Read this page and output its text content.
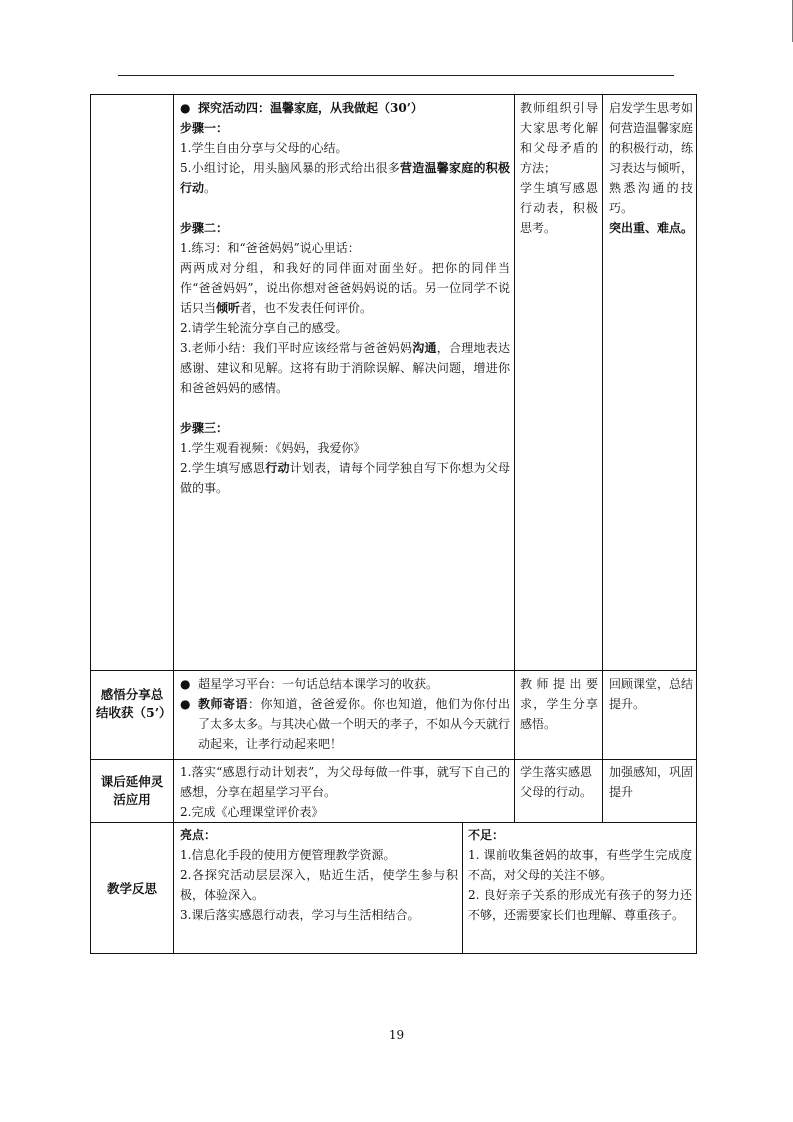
● 探究活动四：温馨家庭，从我做起（30’）

步骤一：

1.学生自由分享与父母的心结。

5.小组讨论，用头脑风暴的形式给出很多营造温馨家庭的积极行动。

步骤二：

1.练习：和“爸爸妈妈”说心里话：

两两成对分组，和我好的同伴面对面坐好。把你的同伴当作“爸爸妈妈”，说出你想对爸爸妈妈说的话。另一位同学不说话只当倾听者，也不发表任何评价。

2.请学生轮流分享自己的感受。

3.老师小结：我们平时应该经常与爸爸妈妈沟通，合理地表达感谢、建议和见解。这将有助于消除误解、解决问题，增进你和爸爸妈妈的感情。

步骤三：

1.学生观看视频：《妈妈，我爱你》

2.学生填写感恩行动计划表，请每个同学独自写下你想为父母做的事。

教师组织引导大家思考化解和父母矛盾的方法；

学生填写感恩行动表，积极思考。

启发学生思考如何营造温馨家庭的积极行动，练习表达与倾听，熟悉沟通的技巧。

突出重、难点。

感悟分享总结收获（5’）

● 超星学习平台：一句话总结本课学习的收获。

● 教师寄语：你知道，爸爸爱你。你也知道，他们为你付出了太多太多。与其决心做一个明天的孝子，不如从今天就行动起来，让孝行动起来吧！
教师提出要求，学生分享感悟。
回顾课堂，总结提升。
课后延伸灵活应用

1.落实“感恩行动计划表”，为父母每做一件事，就写下自己的感想，分享在超星学习平台。

2.完成《心理课堂评价表》

学生落实感恩父母的行动。
加强感知，巩固提升
教学反思

亮点：

1.信息化手段的使用方便管理教学资源。

2.各探究活动层层深入，贴近生活，使学生参与积极，体验深入。

3.课后落实感恩行动表，学习与生活相结合。

不足：

1. 课前收集爸妈的故事，有些学生完成度不高，对父母的关注不够。

2. 良好亲子关系的形成光有孩子的努力还不够，还需要家长们也理解、尊重孩子。

19
